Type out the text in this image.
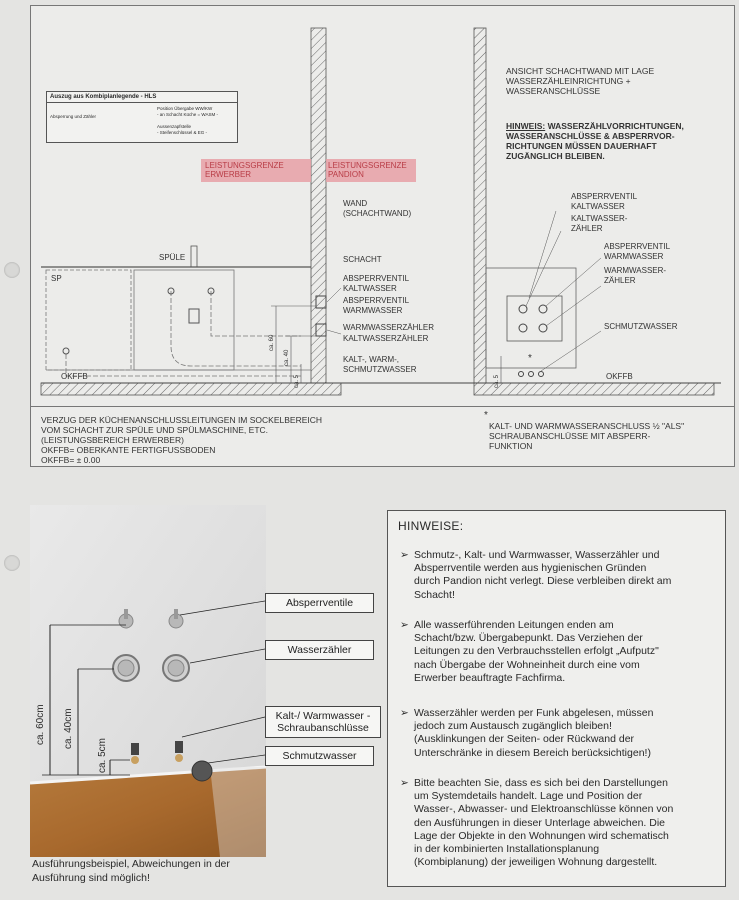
Auszug aus Kombiplanlegende - HLS
Absperrung und Zähler
Position Übergabe WW/KW
- an Schacht Küche = WASM -
Aussenzapfstelle
- Steifenschlüssel & EG -
LEISTUNGSGRENZE
ERWERBER
LEISTUNGSGRENZE
PANDION
WAND
(SCHACHTWAND)
SPÜLE
SP
SCHACHT
ABSPERRVENTIL
KALTWASSER
ABSPERRVENTIL
WARMWASSER
WARMWASSERZÄHLER
KALTWASSERZÄHLER
KALT-, WARM-,
SCHMUTZWASSER
OKFFB	OKFFB
ca. 60
ca. 40
ca. 5	ca. 5
ANSICHT SCHACHTWAND MIT LAGE
WASSERZÄHLEINRICHTUNG +
WASSERANSCHLÜSSE
HINWEIS: WASSERZÄHLVORRICHTUNGEN,
WASSERANSCHLÜSSE & ABSPERRVOR-
RICHTUNGEN MÜSSEN DAUERHAFT
ZUGÄNGLICH BLEIBEN.
ABSPERRVENTIL
KALTWASSER
KALTWASSER-
ZÄHLER
ABSPERRVENTIL
WARMWASSER
WARMWASSER-
ZÄHLER
SCHMUTZWASSER
*
VERZUG DER KÜCHENANSCHLUSSLEITUNGEN IM SOCKELBEREICH
VOM SCHACHT ZUR SPÜLE UND SPÜLMASCHINE, ETC.
(LEISTUNGSBEREICH ERWERBER)
OKFFB= OBERKANTE FERTIGFUSSBODEN
OKFFB= ± 0.00
*
KALT- UND WARMWASSERANSCHLUSS ½ "ALS"
SCHRAUBANSCHLÜSSE MIT ABSPERR-
FUNKTION
ca. 60cm ca. 40cm
ca. 5cm
Absperrventile
Wasserzähler
Kalt-/ Warmwasser -
Schraubanschlüsse
Schmutzwasser
Ausführungsbeispiel, Abweichungen in der
Ausführung sind möglich!
HINWEISE:
➢ Schmutz-, Kalt- und Warmwasser, Wasserzähler und
Absperrventile werden aus hygienischen Gründen
durch Pandion nicht verlegt. Diese verbleiben direkt am
Schacht!
➢ Alle wasserführenden Leitungen enden am
Schacht/bzw. Übergabepunkt. Das Verziehen der
Leitungen zu den Verbrauchsstellen erfolgt „Aufputz"
nach Übergabe der Wohneinheit durch eine vom
Erwerber beauftragte Fachfirma.
➢ Wasserzähler werden per Funk abgelesen, müssen
jedoch zum Austausch zugänglich bleiben!
(Ausklinkungen der Seiten- oder Rückwand der
Unterschränke in diesem Bereich berücksichtigen!)
➢ Bitte beachten Sie, dass es sich bei den Darstellungen
um Systemdetails handelt. Lage und Position der
Wasser-, Abwasser- und Elektroanschlüsse können von
den Ausführungen in dieser Unterlage abweichen. Die
Lage der Objekte in den Wohnungen wird schematisch
in der kombinierten Installationsplanung
(Kombiplanung) der jeweiligen Wohnung dargestellt.
